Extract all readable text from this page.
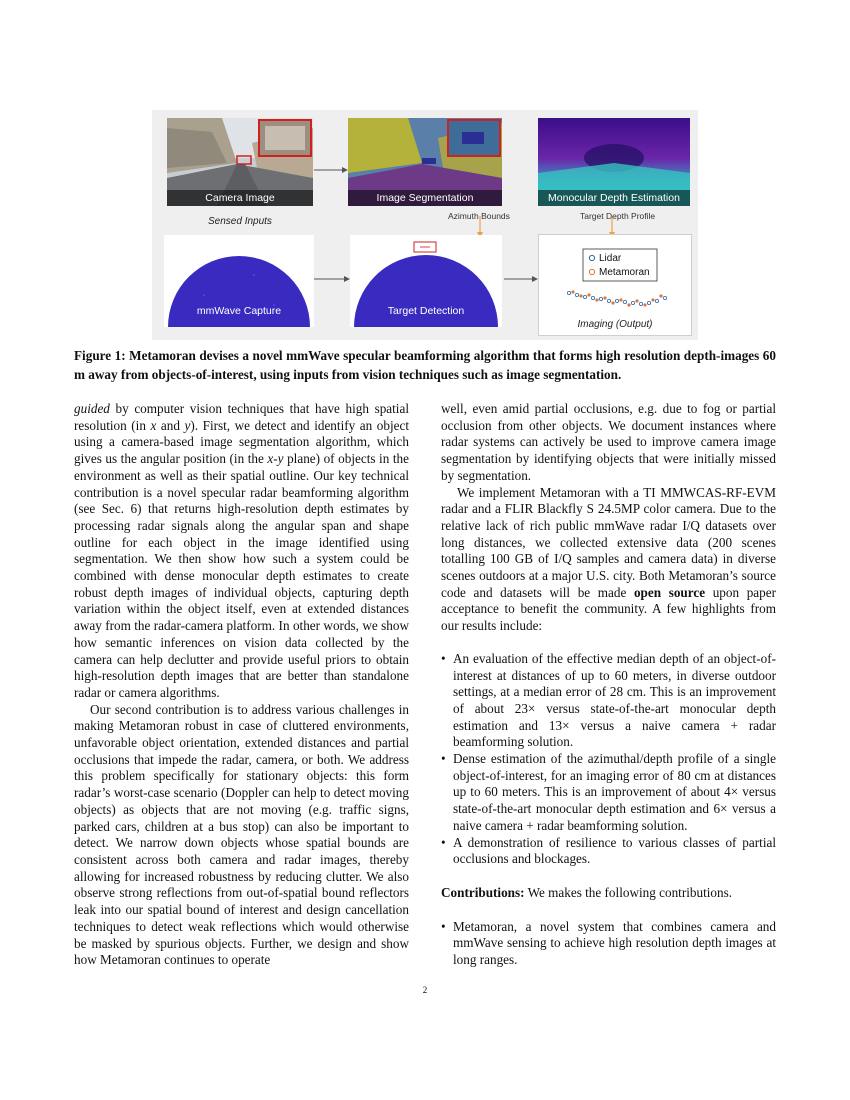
Camera Image	Image Segmentation	Monocular Depth Estimation
Sensed Inputs	Azimuth Bounds	Target Depth Profile
mmWave Capture	Target Detection
Lidar
Metamoran
Imaging (Output)
Figure 1: Metamoran devises a novel mmWave specular beamforming algorithm that forms high resolution depth-images 60 m away from objects-of-interest, using inputs from vision techniques such as image segmentation.

guided by computer vision techniques that have high spatial resolution (in x and y). First, we detect and identify an object using a camera-based image segmentation algorithm, which gives us the angular position (in the x-y plane) of objects in the environment as well as their spatial outline. Our key technical contribution is a novel specular radar beamforming algorithm (see Sec. 6) that returns high-resolution depth estimates by processing radar signals along the angular span and shape outline for each object in the image identified using segmentation. We then show how such a system could be combined with dense monocular depth estimates to create robust depth images of individual objects, capturing depth variation within the object itself, even at extended distances away from the radar-camera platform. In other words, we show how semantic inferences on vision data collected by the camera can help declutter and provide useful priors to obtain high-resolution depth images that are better than standalone radar or camera algorithms.

Our second contribution is to address various challenges in making Metamoran robust in case of cluttered environments, unfavorable object orientation, extended distances and partial occlusions that impede the radar, camera, or both. We address this problem specifically for stationary objects: this form radar’s worst-case scenario (Doppler can help to detect moving objects) as objects that are not moving (e.g. traffic signs, parked cars, children at a bus stop) can also be important to detect. We narrow down objects whose spatial bounds are consistent across both camera and radar images, thereby allowing for increased robustness by reducing clutter. We also observe strong reflections from out-of-spatial bound reflectors leak into our spatial bound of interest and design cancellation techniques to detect weak reflections which would otherwise be masked by spurious objects. Further, we design and show how Metamoran continues to operate

well, even amid partial occlusions, e.g. due to fog or partial occlusion from other objects. We document instances where radar systems can actively be used to improve camera image segmentation by identifying objects that were initially missed by segmentation.

We implement Metamoran with a TI MMWCAS-RF-EVM radar and a FLIR Blackfly S 24.5MP color camera. Due to the relative lack of rich public mmWave radar I/Q datasets over long distances, we collected extensive data (200 scenes totalling 100 GB of I/Q samples and camera data) in diverse scenes outdoors at a major U.S. city. Both Metamoran’s source code and datasets will be made open source upon paper acceptance to benefit the community. A few highlights from our results include:

• An evaluation of the effective median depth of an object-of-interest at distances of up to 60 meters, in diverse outdoor settings, at a median error of 28 cm. This is an improvement of about 23× versus state-of-the-art monocular depth estimation and 13× versus a naive camera + radar beamforming solution.
• Dense estimation of the azimuthal/depth profile of a single object-of-interest, for an imaging error of 80 cm at distances up to 60 meters. This is an improvement of about 4× versus state-of-the-art monocular depth estimation and 6× versus a naive camera + radar beamforming solution.
• A demonstration of resilience to various classes of partial occlusions and blockages.

Contributions: We makes the following contributions.

• Metamoran, a novel system that combines camera and mmWave sensing to achieve high resolution depth images at long ranges.
2
